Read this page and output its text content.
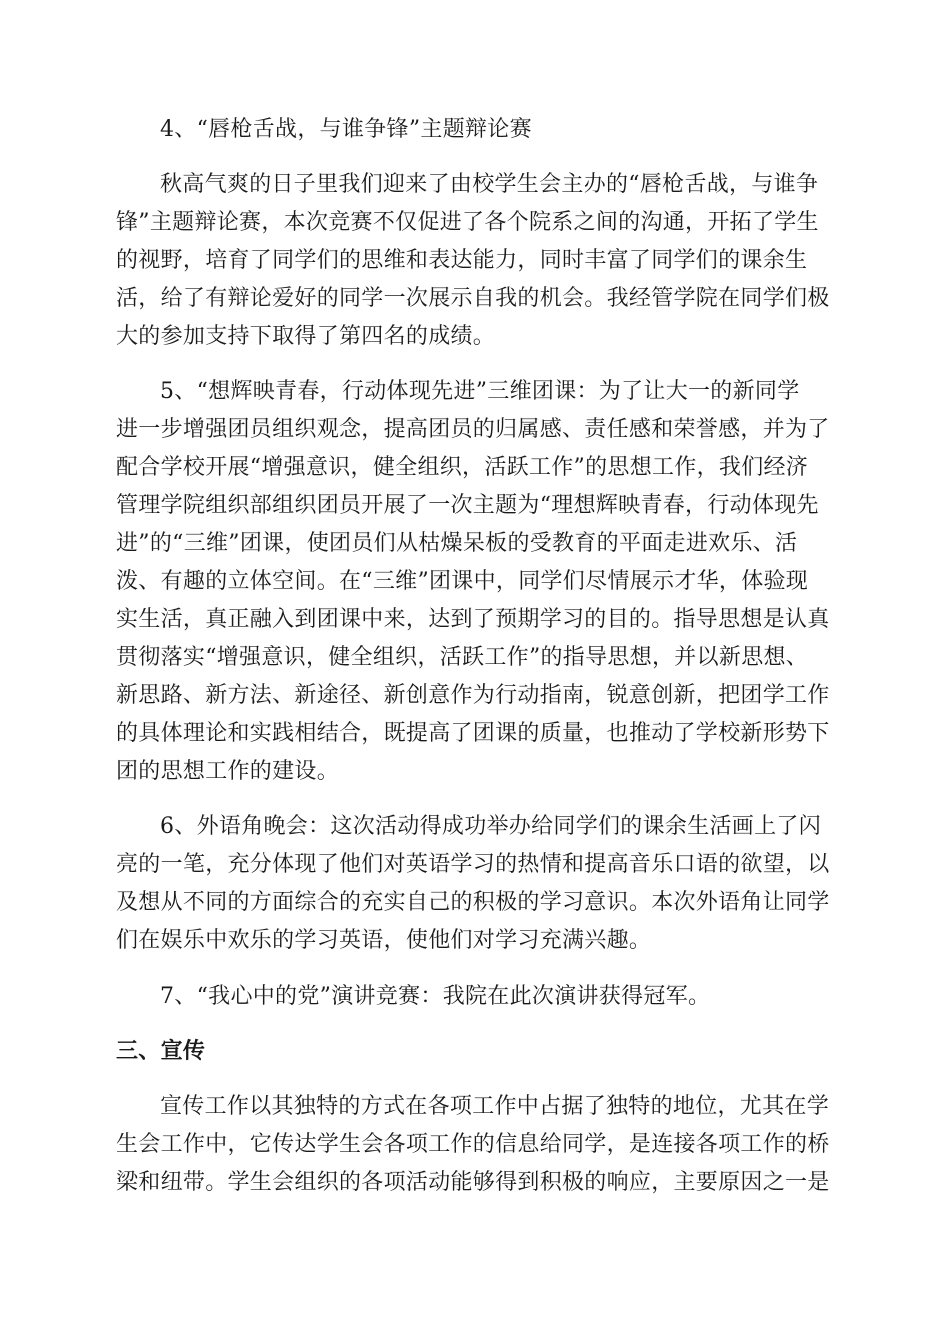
4、“唇枪舌战，与谁争锋”主题辩论赛
秋高气爽的日子里我们迎来了由校学生会主办的“唇枪舌战，与谁争
锋”主题辩论赛，本次竞赛不仅促进了各个院系之间的沟通，开拓了学生
的视野，培育了同学们的思维和表达能力，同时丰富了同学们的课余生
活，给了有辩论爱好的同学一次展示自我的机会。我经管学院在同学们极
大的参加支持下取得了第四名的成绩。
5、“想辉映青春，行动体现先进”三维团课：为了让大一的新同学
进一步增强团员组织观念，提高团员的归属感、责任感和荣誉感，并为了
配合学校开展“增强意识，健全组织，活跃工作”的思想工作，我们经济
管理学院组织部组织团员开展了一次主题为“理想辉映青春，行动体现先
进”的“三维”团课，使团员们从枯燥呆板的受教育的平面走进欢乐、活
泼、有趣的立体空间。在“三维”团课中，同学们尽情展示才华，体验现
实生活，真正融入到团课中来，达到了预期学习的目的。指导思想是认真
贯彻落实“增强意识，健全组织，活跃工作”的指导思想，并以新思想、
新思路、新方法、新途径、新创意作为行动指南，锐意创新，把团学工作
的具体理论和实践相结合，既提高了团课的质量，也推动了学校新形势下
团的思想工作的建设。
6、外语角晚会：这次活动得成功举办给同学们的课余生活画上了闪
亮的一笔，充分体现了他们对英语学习的热情和提高音乐口语的欲望，以
及想从不同的方面综合的充实自己的积极的学习意识。本次外语角让同学
们在娱乐中欢乐的学习英语，使他们对学习充满兴趣。
7、“我心中的党”演讲竞赛：我院在此次演讲获得冠军。
三、宣传
宣传工作以其独特的方式在各项工作中占据了独特的地位，尤其在学
生会工作中，它传达学生会各项工作的信息给同学，是连接各项工作的桥
梁和纽带。学生会组织的各项活动能够得到积极的响应，主要原因之一是
